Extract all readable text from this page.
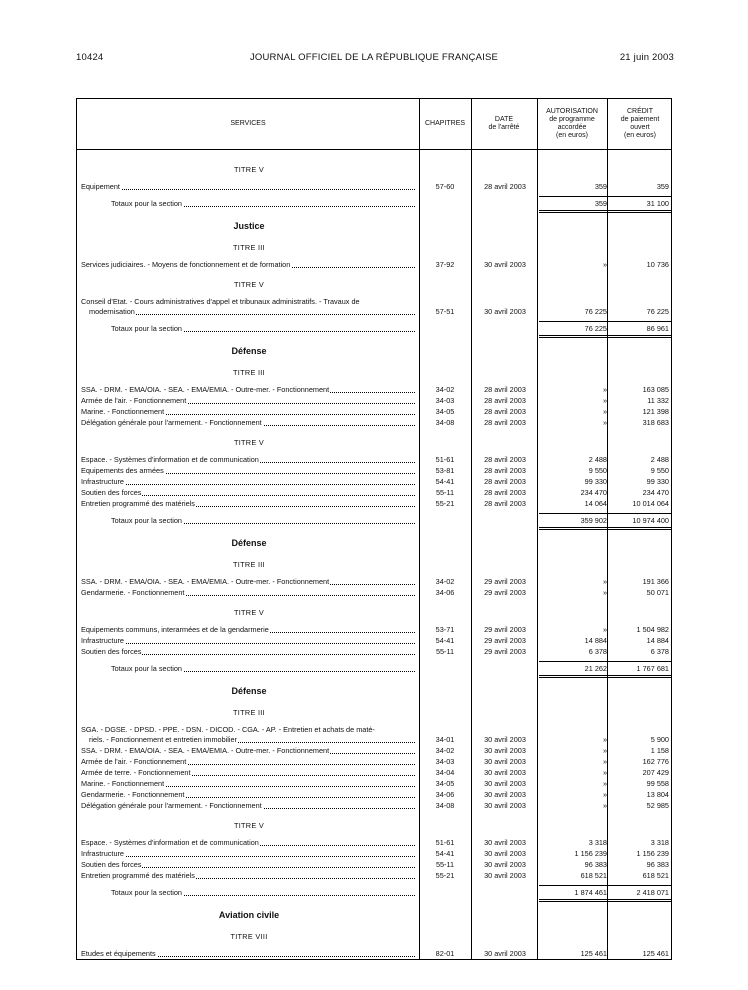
10424	JOURNAL OFFICIEL DE LA RÉPUBLIQUE FRANÇAISE	21 juin 2003
SERVICES	CHAPITRES
DATE
de l'arrêté
AUTORISATION
de programme
accordée
(en euros)
CRÉDIT
de paiement
ouvert
(en euros)
TITRE V
Equipement	57-60	28 avril 2003	359	359
Totaux pour la section	359	31 100
Justice
TITRE III
Services judiciaires. - Moyens de fonctionnement et de formation	37-92	30 avril 2003	»	10 736
TITRE V
Conseil d'Etat. - Cours administratives d'appel et tribunaux administratifs. - Travaux de
modernisation	57-51	30 avril 2003	76 225	76 225
Totaux pour la section	76 225	86 961
Défense
TITRE III
SSA. - DRM. - EMA/OIA. - SEA. - EMA/EMIA. - Outre-mer. - Fonctionnement	34-02	28 avril 2003	»	163 085
Armée de l'air. - Fonctionnement	34-03	28 avril 2003	»	11 332
Marine. - Fonctionnement	34-05	28 avril 2003	»	121 398
Délégation générale pour l'armement. - Fonctionnement	34-08	28 avril 2003	»	318 683
TITRE V
Espace. - Systèmes d'information et de communication	51-61	28 avril 2003	2 488	2 488
Equipements des armées	53-81	28 avril 2003	9 550	9 550
Infrastructure	54-41	28 avril 2003	99 330	99 330
Soutien des forces	55-11	28 avril 2003	234 470	234 470
Entretien programmé des matériels	55-21	28 avril 2003	14 064	10 014 064
Totaux pour la section	359 902	10 974 400
Défense
TITRE III
SSA. - DRM. - EMA/OIA. - SEA. - EMA/EMIA. - Outre-mer. - Fonctionnement	34-02	29 avril 2003	»	191 366
Gendarmerie. - Fonctionnement	34-06	29 avril 2003	»	50 071
TITRE V
Equipements communs, interarmées et de la gendarmerie	53-71	29 avril 2003	»	1 504 982
Infrastructure	54-41	29 avril 2003	14 884	14 884
Soutien des forces	55-11	29 avril 2003	6 378	6 378
Totaux pour la section	21 262	1 767 681
Défense
TITRE III
SGA. - DGSE. - DPSD. - PPE. - DSN. - DICOD. - CGA. - AP. - Entretien et achats de maté-
riels. - Fonctionnement et entretien immobilier	34-01	30 avril 2003	»	5 900
SSA. - DRM. - EMA/OIA. - SEA. - EMA/EMIA. - Outre-mer. - Fonctionnement	34-02	30 avril 2003	»	1 158
Armée de l'air. - Fonctionnement	34-03	30 avril 2003	»	162 776
Armée de terre. - Fonctionnement	34-04	30 avril 2003	»	207 429
Marine. - Fonctionnement	34-05	30 avril 2003	»	99 558
Gendarmerie. - Fonctionnement	34-06	30 avril 2003	»	13 804
Délégation générale pour l'armement. - Fonctionnement	34-08	30 avril 2003	»	52 985
TITRE V
Espace. - Systèmes d'information et de communication	51-61	30 avril 2003	3 318	3 318
Infrastructure	54-41	30 avril 2003	1 156 239	1 156 239
Soutien des forces	55-11	30 avril 2003	96 383	96 383
Entretien programmé des matériels	55-21	30 avril 2003	618 521	618 521
Totaux pour la section	1 874 461	2 418 071
Aviation civile
TITRE VIII
Etudes et équipements	82-01	30 avril 2003	125 461	125 461
